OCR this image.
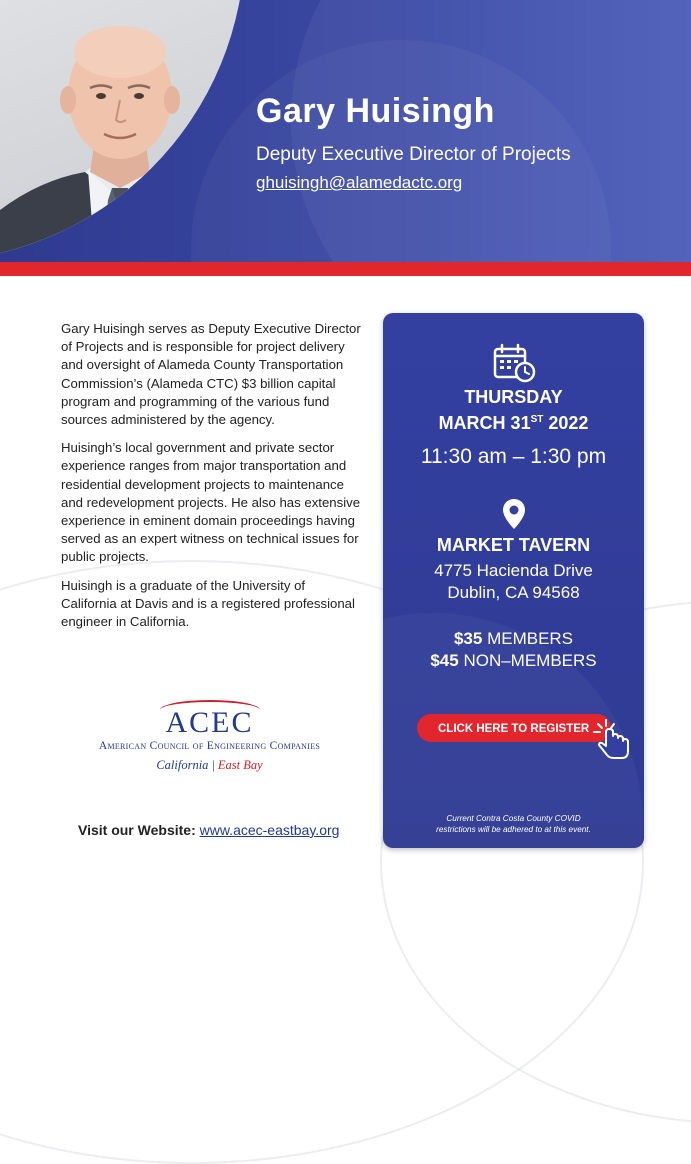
Gary Huisingh
Deputy Executive Director of Projects
ghuisingh@alamedactc.org

Gary Huisingh serves as Deputy Executive Director of Projects and is responsible for project delivery and oversight of Alameda County Transportation Commission’s (Alameda CTC) $3 billion capital program and programming of the various fund sources administered by the agency.

Huisingh’s local government and private sector experience ranges from major transportation and residential development projects to maintenance and redevelopment projects. He also has extensive experience in eminent domain proceedings having served as an expert witness on technical issues for public projects.

Huisingh is a graduate of the University of California at Davis and is a registered professional engineer in California.

ACEC
American Council of Engineering Companies
California | East Bay
Visit our Website: www.acec-eastbay.org
THURSDAY
MARCH 31ST 2022
11:30 am – 1:30 pm
MARKET TAVERN
4775 Hacienda Drive
Dublin, CA 94568
$35 MEMBERS
$45 NON–MEMBERS
CLICK HERE TO REGISTER
Current Contra Costa County COVID
restrictions will be adhered to at this event.
